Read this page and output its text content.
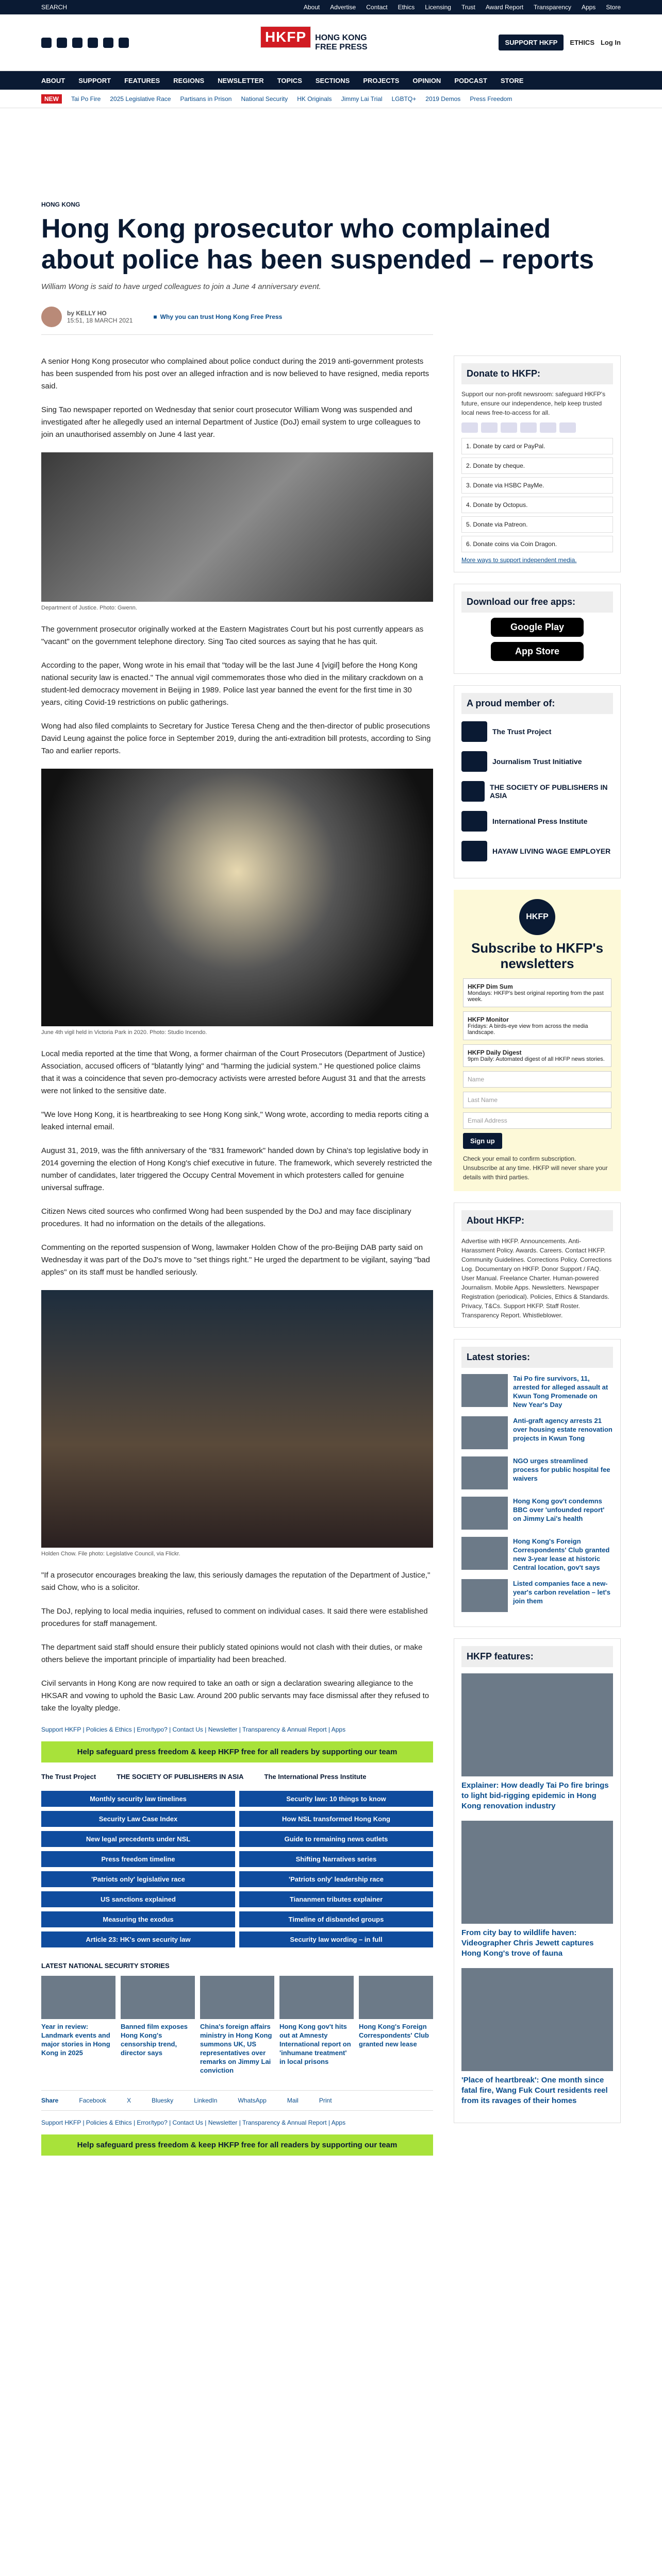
SEARCH	About Advertise Contact Ethics Licensing Trust Award Report Transparency Apps Store
HKFP	HONG KONG
FREE PRESS	SUPPORT HKFP	ETHICS Log In
ABOUT SUPPORT FEATURES REGIONS NEWSLETTER TOPICS SECTIONS PROJECTS OPINION PODCAST STORE
NEW	Tai Po Fire 2025 Legislative Race Partisans in Prison National Security HK Originals Jimmy Lai Trial LGBTQ+ 2019 Demos Press Freedom
HONG KONG
Hong Kong prosecutor who complained about police has been suspended – reports
William Wong is said to have urged colleagues to join a June 4 anniversary event.
by KELLY HO
15:51, 18 MARCH 2021	■ Why you can trust Hong Kong Free Press

A senior Hong Kong prosecutor who complained about police conduct during the 2019 anti-government protests has been suspended from his post over an alleged infraction and is now believed to have resigned, media reports said.

Sing Tao newspaper reported on Wednesday that senior court prosecutor William Wong was suspended and investigated after he allegedly used an internal Department of Justice (DoJ) email system to urge colleagues to join an unauthorised assembly on June 4 last year.

Department of Justice. Photo: Gwenn.

The government prosecutor originally worked at the Eastern Magistrates Court but his post currently appears as "vacant" on the government telephone directory. Sing Tao cited sources as saying that he has quit.

According to the paper, Wong wrote in his email that "today will be the last June 4 [vigil] before the Hong Kong national security law is enacted." The annual vigil commemorates those who died in the military crackdown on a student-led democracy movement in Beijing in 1989. Police last year banned the event for the first time in 30 years, citing Covid-19 restrictions on public gatherings.

Wong had also filed complaints to Secretary for Justice Teresa Cheng and the then-director of public prosecutions David Leung against the police force in September 2019, during the anti-extradition bill protests, according to Sing Tao and earlier reports.

June 4th vigil held in Victoria Park in 2020. Photo: Studio Incendo.

Local media reported at the time that Wong, a former chairman of the Court Prosecutors (Department of Justice) Association, accused officers of "blatantly lying" and "harming the judicial system." He questioned police claims that it was a coincidence that seven pro-democracy activists were arrested before August 31 and that the arrests were not linked to the sensitive date.

"We love Hong Kong, it is heartbreaking to see Hong Kong sink," Wong wrote, according to media reports citing a leaked internal email.

August 31, 2019, was the fifth anniversary of the "831 framework" handed down by China's top legislative body in 2014 governing the election of Hong Kong's chief executive in future. The framework, which severely restricted the number of candidates, later triggered the Occupy Central Movement in which protesters called for genuine universal suffrage.

Citizen News cited sources who confirmed Wong had been suspended by the DoJ and may face disciplinary procedures. It had no information on the details of the allegations.

Commenting on the reported suspension of Wong, lawmaker Holden Chow of the pro-Beijing DAB party said on Wednesday it was part of the DoJ's move to "set things right." He urged the department to be vigilant, saying "bad apples" on its staff must be handled seriously.

Holden Chow. File photo: Legislative Council, via Flickr.

"If a prosecutor encourages breaking the law, this seriously damages the reputation of the Department of Justice," said Chow, who is a solicitor.

The DoJ, replying to local media inquiries, refused to comment on individual cases. It said there were established procedures for staff management.

The department said staff should ensure their publicly stated opinions would not clash with their duties, or make others believe the important principle of impartiality had been breached.

Civil servants in Hong Kong are now required to take an oath or sign a declaration swearing allegiance to the HKSAR and vowing to uphold the Basic Law. Around 200 public servants may face dismissal after they refused to take the loyalty pledge.

Support HKFP | Policies & Ethics | Error/typo? | Contact Us | Newsletter | Transparency & Annual Report | Apps
Help safeguard press freedom & keep HKFP free for all readers by supporting our team
The Trust Project	THE SOCIETY OF PUBLISHERS IN ASIA	The International Press Institute
Monthly security law timelines	Security law: 10 things to know
Security Law Case Index	How NSL transformed Hong Kong
New legal precedents under NSL	Guide to remaining news outlets
Press freedom timeline	Shifting Narratives series
'Patriots only' legislative race	'Patriots only' leadership race
US sanctions explained	Tiananmen tributes explainer
Measuring the exodus	Timeline of disbanded groups
Article 23: HK's own security law	Security law wording – in full
LATEST NATIONAL SECURITY STORIES
Year in review: Landmark events and major stories in Hong Kong in 2025
Banned film exposes Hong Kong's censorship trend, director says
China's foreign affairs ministry in Hong Kong summons UK, US representatives over remarks on Jimmy Lai conviction
Hong Kong gov't hits out at Amnesty International report on 'inhumane treatment' in local prisons
Hong Kong's Foreign Correspondents' Club granted new lease
Share	Facebook	X	Bluesky	LinkedIn	WhatsApp	Mail	Print
Support HKFP | Policies & Ethics | Error/typo? | Contact Us | Newsletter | Transparency & Annual Report | Apps
Help safeguard press freedom & keep HKFP free for all readers by supporting our team
Donate to HKFP:

Support our non-profit newsroom: safeguard HKFP's future, ensure our independence, help keep trusted local news free-to-access for all.

1. Donate by card or PayPal.
2. Donate by cheque.
3. Donate via HSBC PayMe.
4. Donate by Octopus.
5. Donate via Patreon.
6. Donate coins via Coin Dragon.
More ways to support independent media.
Download our free apps:
Google Play
App Store
A proud member of:
The Trust Project
Journalism Trust Initiative
THE SOCIETY OF PUBLISHERS IN ASIA
International Press Institute
HAYAW LIVING WAGE EMPLOYER
HKFP
Subscribe to HKFP's newsletters
HKFP Dim Sum
Mondays: HKFP's best original reporting from the past week.
HKFP Monitor
Fridays: A birds-eye view from across the media landscape.
HKFP Daily Digest
9pm Daily: Automated digest of all HKFP news stories.
Name
Last Name
Email Address
Sign up

Check your email to confirm subscription. Unsubscribe at any time. HKFP will never share your details with third parties.

About HKFP:
Advertise with HKFP. Announcements. Anti-Harassment Policy. Awards. Careers. Contact HKFP. Community Guidelines. Corrections Policy. Corrections Log. Documentary on HKFP. Donor Support / FAQ. User Manual. Freelance Charter. Human-powered Journalism. Mobile Apps. Newsletters. Newspaper Registration (periodical). Policies, Ethics & Standards. Privacy, T&Cs. Support HKFP. Staff Roster. Transparency Report. Whistleblower.
Latest stories:
Tai Po fire survivors, 11, arrested for alleged assault at Kwun Tong Promenade on New Year's Day
Anti-graft agency arrests 21 over housing estate renovation projects in Kwun Tong
NGO urges streamlined process for public hospital fee waivers
Hong Kong gov't condemns BBC over 'unfounded report' on Jimmy Lai's health
Hong Kong's Foreign Correspondents' Club granted new 3-year lease at historic Central location, gov't says
Listed companies face a new-year's carbon revelation – let's join them
HKFP features:
Explainer: How deadly Tai Po fire brings to light bid-rigging epidemic in Hong Kong renovation industry
From city bay to wildlife haven: Videographer Chris Jewett captures Hong Kong's trove of fauna
'Place of heartbreak': One month since fatal fire, Wang Fuk Court residents reel from its ravages of their homes
